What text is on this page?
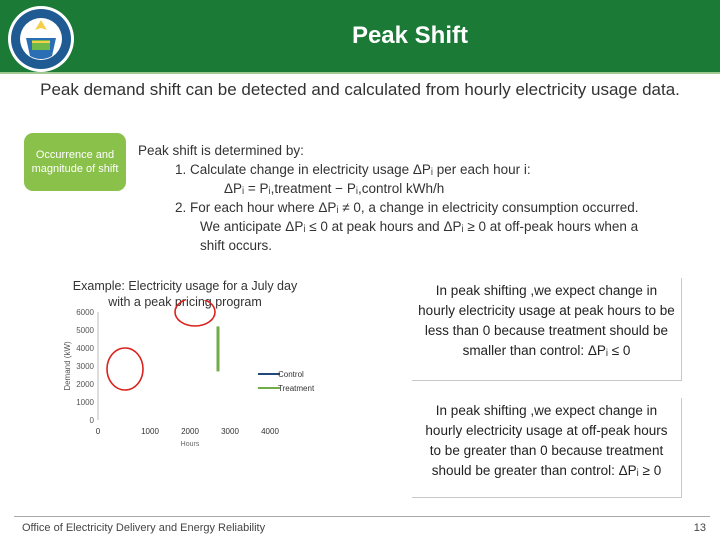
Peak Shift
Peak demand shift can be detected and calculated from hourly electricity usage data.
Occurrence and magnitude of shift
Peak shift is determined by:
1. Calculate change in electricity usage ΔPᵢ per each hour i:
ΔPᵢ = Pᵢ,treatment − Pᵢ,control kWh/h
2. For each hour where ΔPᵢ ≠ 0, a change in electricity consumption occurred.
We anticipate ΔPᵢ ≤ 0 at peak hours and ΔPᵢ ≥ 0 at off-peak hours when a
shift occurs.
Example: Electricity usage for a July day with a peak pricing program
0
1000
2000
3000
4000
5000
6000
Demand (kW)
0	1000	2000	3000	4000
Hours
Control
Treatment
In peak shifting ,we expect change in hourly electricity usage at peak hours to be less than 0 because treatment should be smaller than control: ΔPᵢ ≤ 0
In peak shifting ,we expect change in hourly electricity usage at off-peak hours to be greater than 0 because treatment should be greater than control: ΔPᵢ ≥ 0
Office of Electricity Delivery and Energy Reliability	13
